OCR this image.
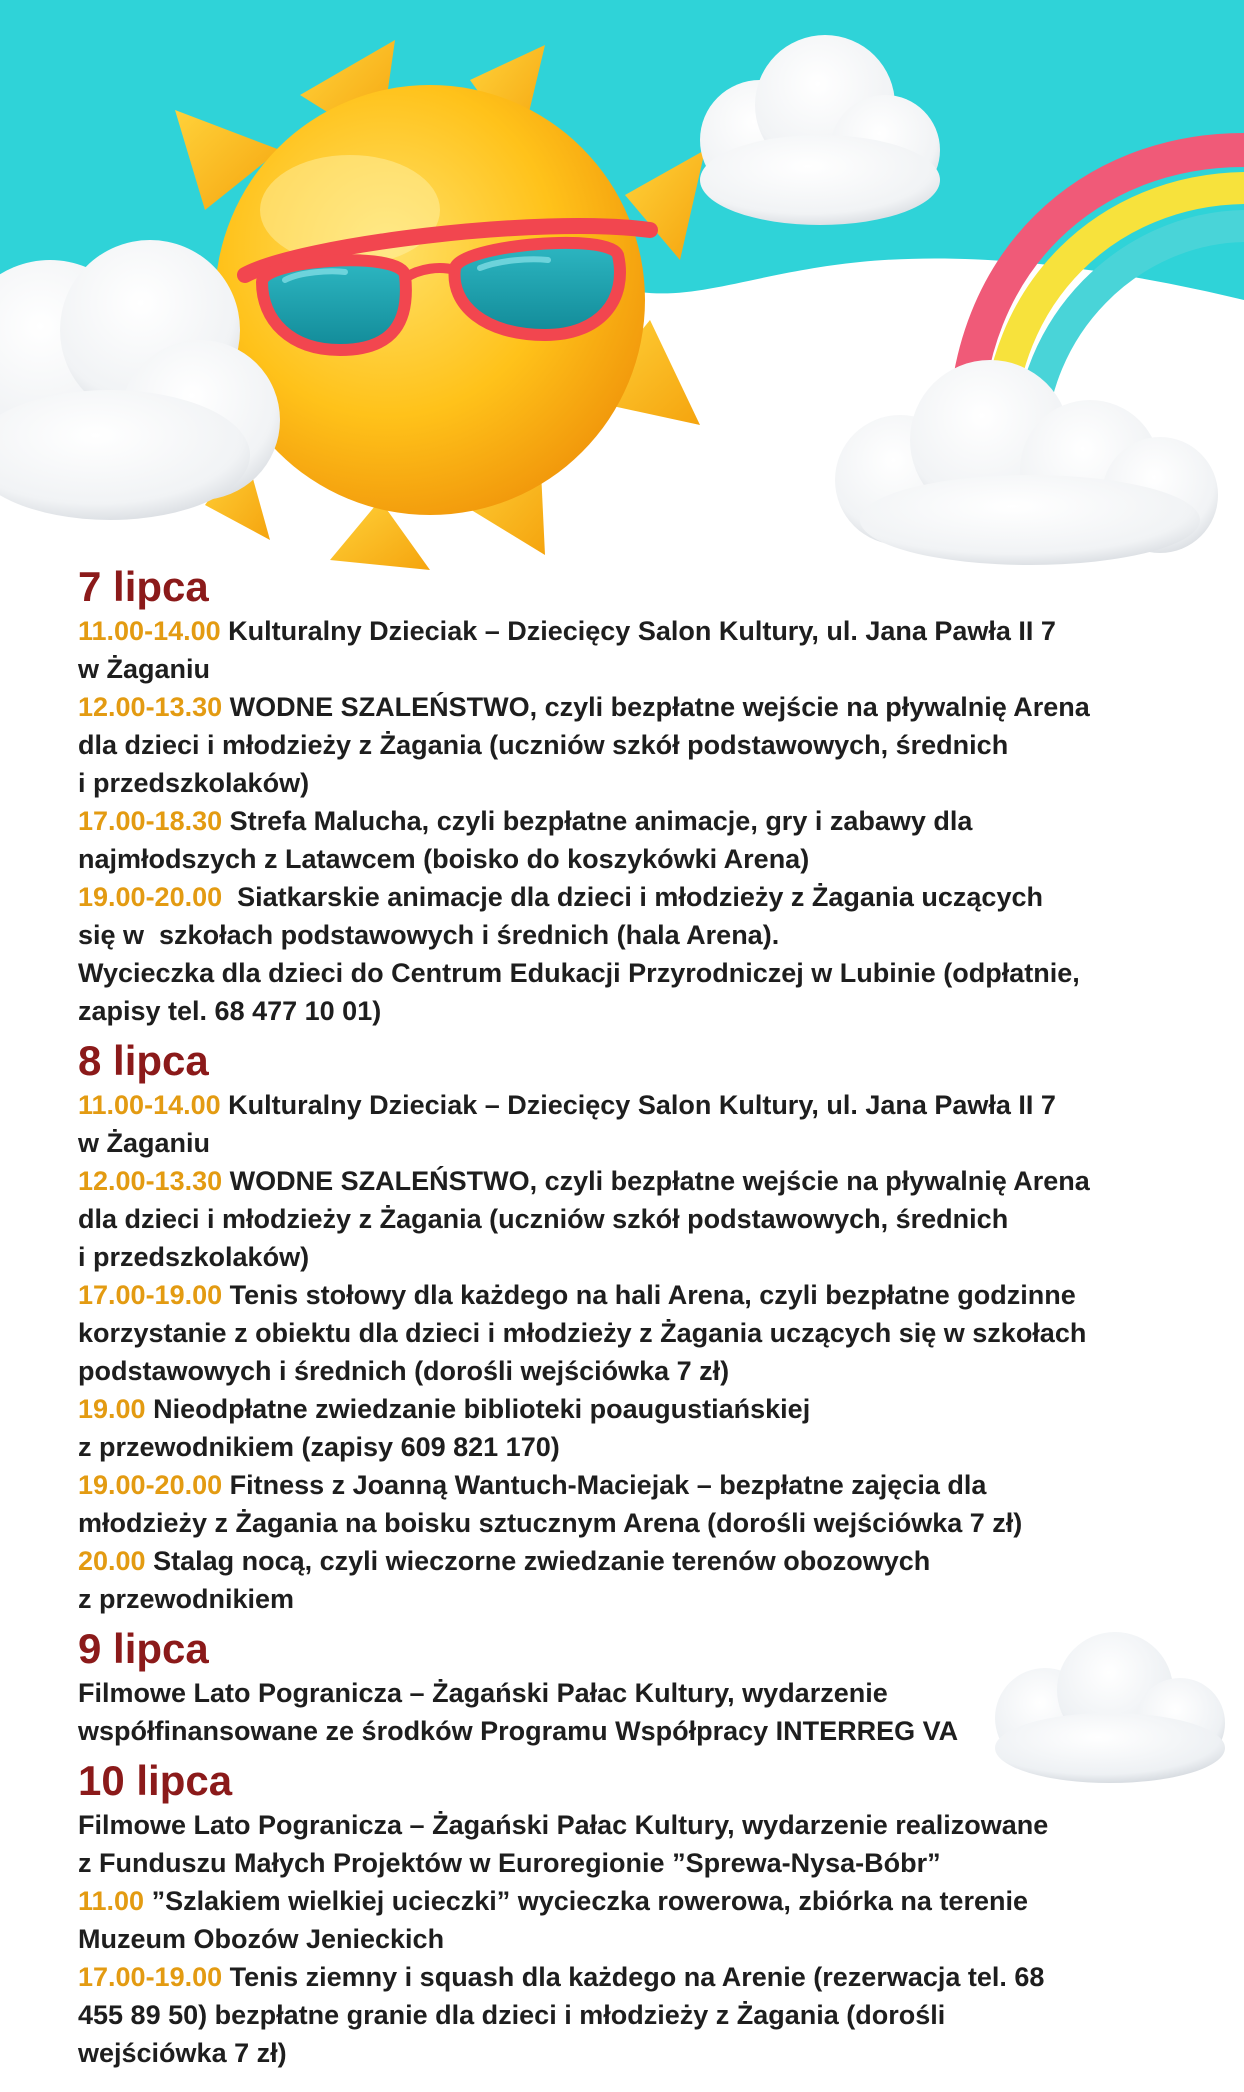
7 lipca
11.00-14.00 Kulturalny Dzieciak – Dziecięcy Salon Kultury, ul. Jana Pawła II 7
w Żaganiu
12.00-13.30 WODNE SZALEŃSTWO, czyli bezpłatne wejście na pływalnię Arena
dla dzieci i młodzieży z Żagania (uczniów szkół podstawowych, średnich
i przedszkolaków)
17.00-18.30 Strefa Malucha, czyli bezpłatne animacje, gry i zabawy dla
najmłodszych z Latawcem (boisko do koszykówki Arena)
19.00-20.00  Siatkarskie animacje dla dzieci i młodzieży z Żagania uczących
się w  szkołach podstawowych i średnich (hala Arena).
Wycieczka dla dzieci do Centrum Edukacji Przyrodniczej w Lubinie (odpłatnie,
zapisy tel. 68 477 10 01)
8 lipca
11.00-14.00 Kulturalny Dzieciak – Dziecięcy Salon Kultury, ul. Jana Pawła II 7
w Żaganiu
12.00-13.30 WODNE SZALEŃSTWO, czyli bezpłatne wejście na pływalnię Arena
dla dzieci i młodzieży z Żagania (uczniów szkół podstawowych, średnich
i przedszkolaków)
17.00-19.00 Tenis stołowy dla każdego na hali Arena, czyli bezpłatne godzinne
korzystanie z obiektu dla dzieci i młodzieży z Żagania uczących się w szkołach
podstawowych i średnich (dorośli wejściówka 7 zł)
19.00 Nieodpłatne zwiedzanie biblioteki poaugustiańskiej
z przewodnikiem (zapisy 609 821 170)
19.00-20.00 Fitness z Joanną Wantuch-Maciejak – bezpłatne zajęcia dla
młodzieży z Żagania na boisku sztucznym Arena (dorośli wejściówka 7 zł)
20.00 Stalag nocą, czyli wieczorne zwiedzanie terenów obozowych
z przewodnikiem
9 lipca
Filmowe Lato Pogranicza – Żagański Pałac Kultury, wydarzenie
współfinansowane ze środków Programu Współpracy INTERREG VA
10 lipca
Filmowe Lato Pogranicza – Żagański Pałac Kultury, wydarzenie realizowane
z Funduszu Małych Projektów w Euroregionie ”Sprewa-Nysa-Bóbr”
11.00 ”Szlakiem wielkiej ucieczki” wycieczka rowerowa, zbiórka na terenie
Muzeum Obozów Jenieckich
17.00-19.00 Tenis ziemny i squash dla każdego na Arenie (rezerwacja tel. 68
455 89 50) bezpłatne granie dla dzieci i młodzieży z Żagania (dorośli
wejściówka 7 zł)
